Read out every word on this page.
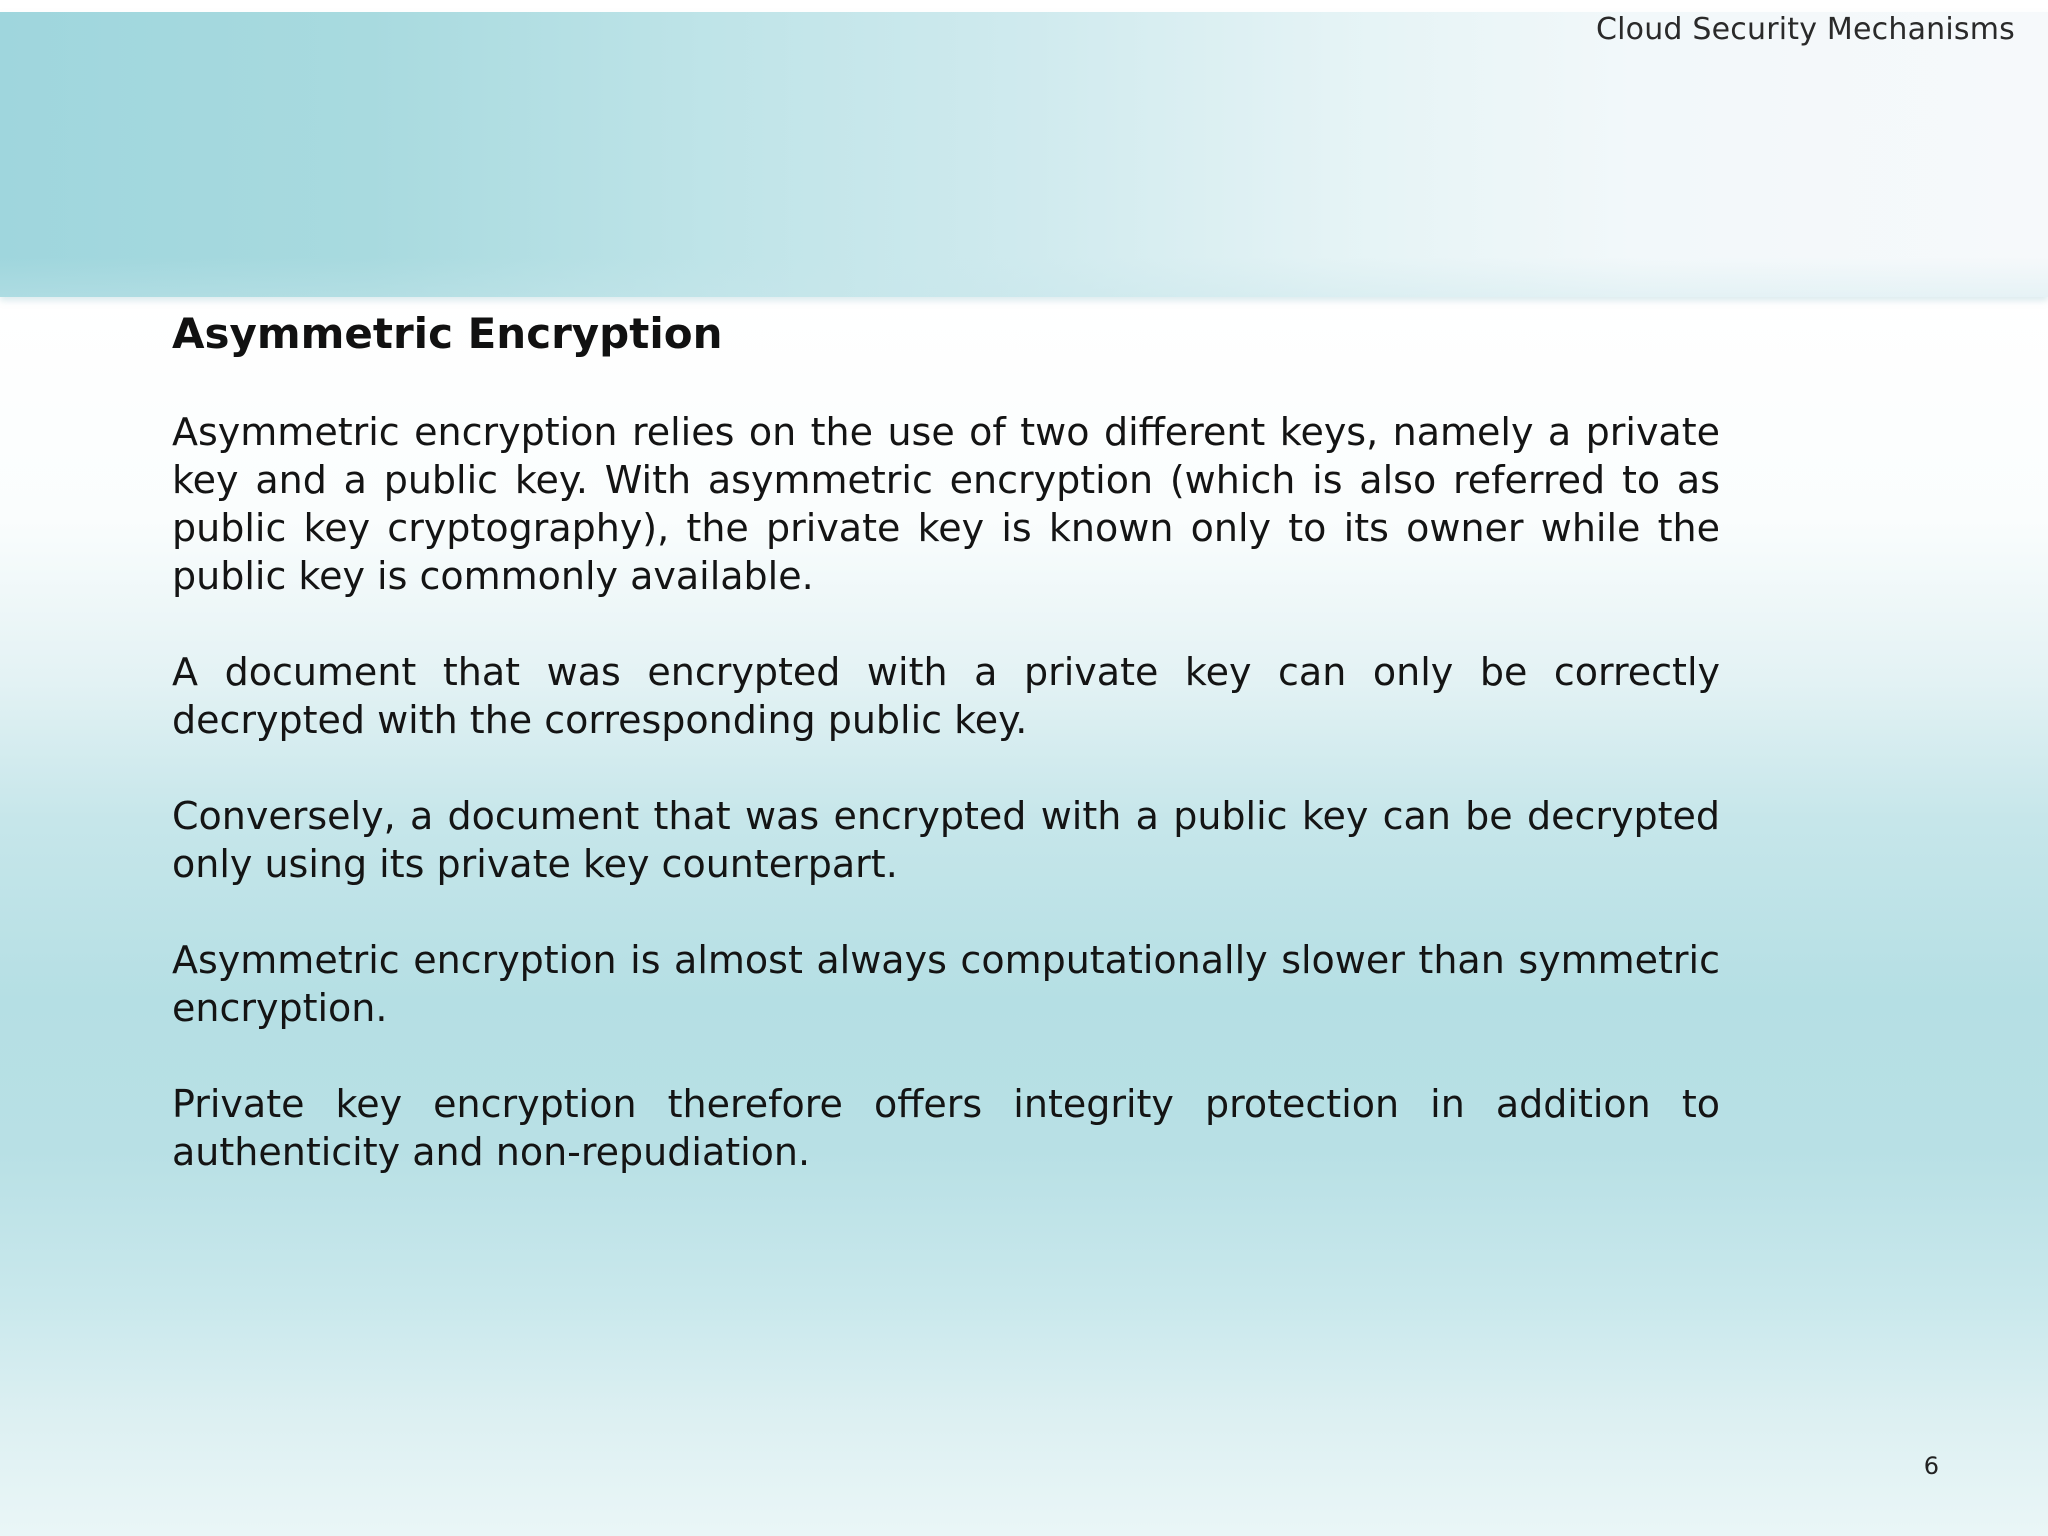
Cloud Security Mechanisms
Asymmetric Encryption

Asymmetric encryption relies on the use of two different keys, namely a private key and a public key. With asymmetric encryption (which is also referred to as public key cryptography), the private key is known only to its owner while the public key is commonly available.

A document that was encrypted with a private key can only be correctly decrypted with the corresponding public key.

Conversely, a document that was encrypted with a public key can be decrypted only using its private key counterpart.

Asymmetric encryption is almost always computationally slower than symmetric encryption.

Private key encryption therefore offers integrity protection in addition to authenticity and non-repudiation.

6
